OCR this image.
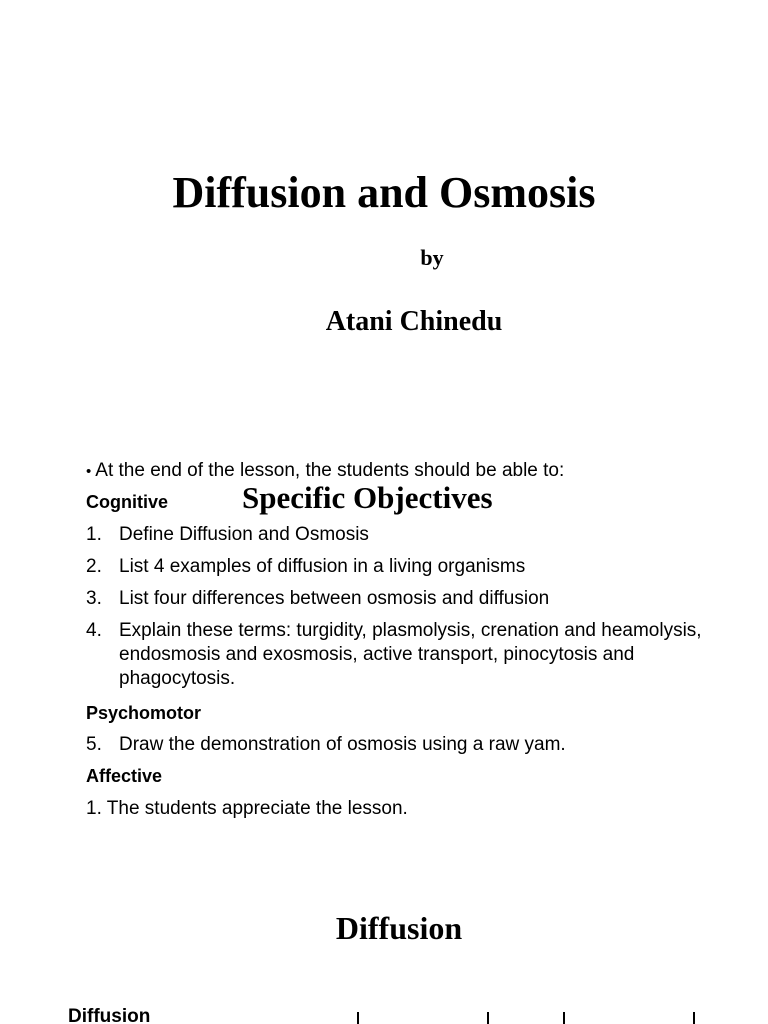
Diffusion and Osmosis
by
Atani Chinedu
• At the end of the lesson, the students should be able to:
Cognitive Specific Objectives
1. Define Diffusion and Osmosis
2. List 4 examples of diffusion in a living organisms
3. List four differences between osmosis and diffusion
4. Explain these terms: turgidity, plasmolysis, crenation and heamolysis, endosmosis and exosmosis, active transport, pinocytosis and phagocytosis.
Psychomotor
5. Draw the demonstration of osmosis using a raw yam.
Affective
1. The students appreciate the lesson.
Diffusion
Diffusion
